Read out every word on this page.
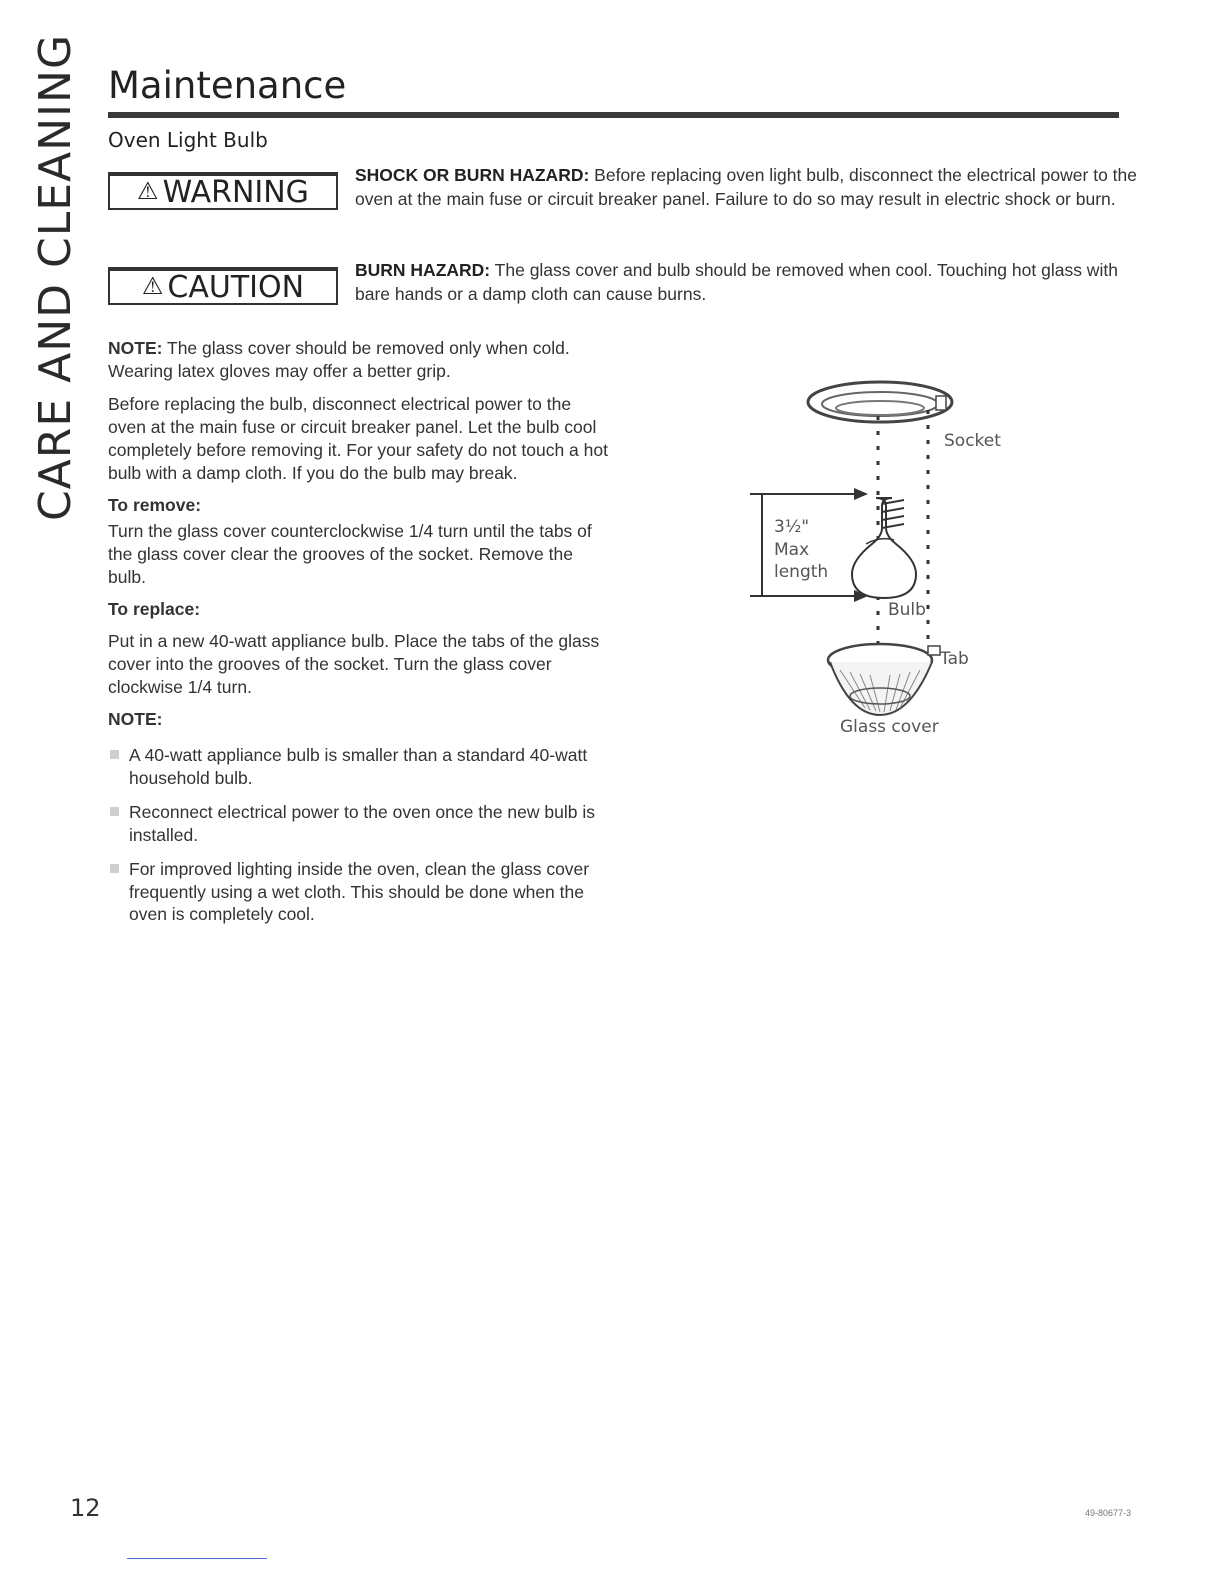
CARE AND CLEANING Maintenance
Oven Light Bulb
⚠ WARNING	SHOCK OR BURN HAZARD: Before replacing oven light bulb, disconnect the electrical power to the oven at the main fuse or circuit breaker panel. Failure to do so may result in electric shock or burn.

⚠ CAUTION	BURN HAZARD: The glass cover and bulb should be removed when cool. Touching hot glass with bare hands or a damp cloth can cause burns.

NOTE: The glass cover should be removed only when cold. Wearing latex gloves may offer a better grip.

Before replacing the bulb, disconnect electrical power to the oven at the main fuse or circuit breaker panel. Let the bulb cool completely before removing it. For your safety do not touch a hot bulb with a damp cloth. If you do the bulb may break.

To remove:

Turn the glass cover counterclockwise 1/4 turn until the tabs of the glass cover clear the grooves of the socket. Remove the bulb.

To replace:

Put in a new 40-watt appliance bulb. Place the tabs of the glass cover into the grooves of the socket. Turn the glass cover clockwise 1/4 turn.

NOTE:
A 40-watt appliance bulb is smaller than a standard 40-watt household bulb.
Reconnect electrical power to the oven once the new bulb is installed.
For improved lighting inside the oven, clean the glass cover frequently using a wet cloth. This should be done when the oven is completely cool.
Socket
3½"
Max
length
Bulb
Tab
Glass cover
12	49-80677-3
